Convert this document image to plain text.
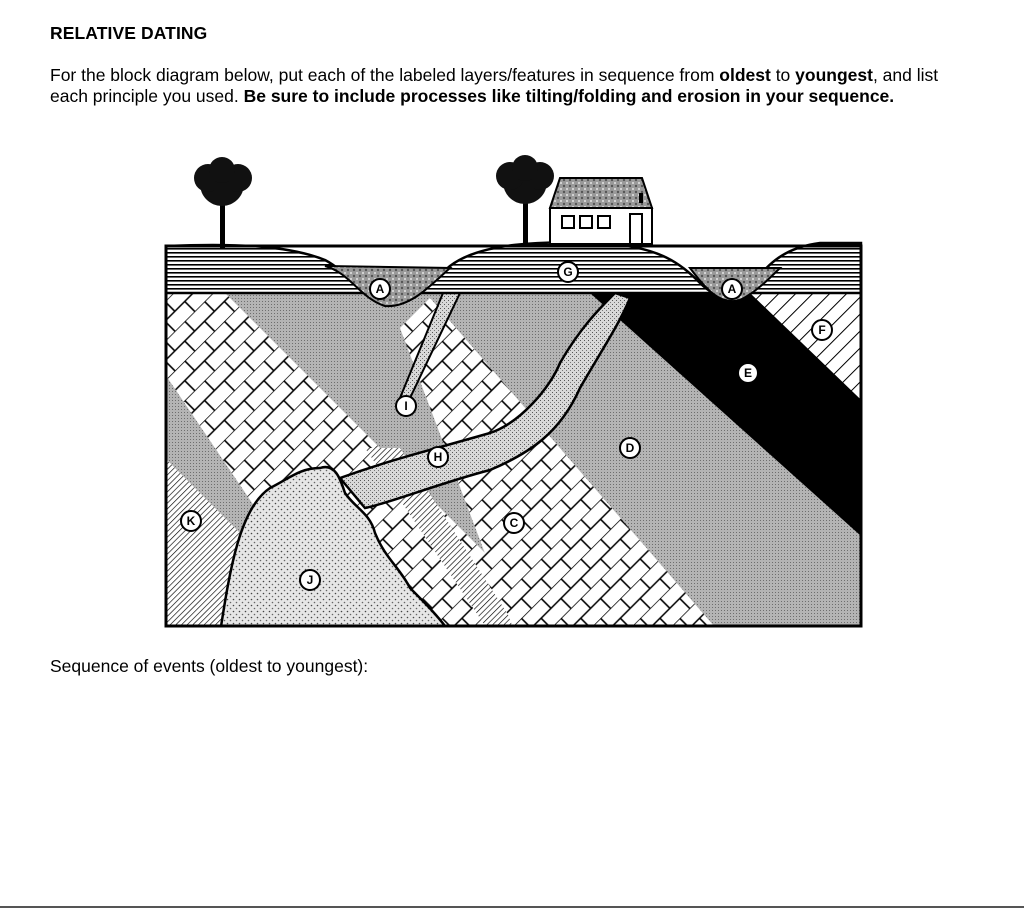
RELATIVE DATING
For the block diagram below, put each of the labeled layers/features in sequence from oldest to youngest, and list each principle you used. Be sure to include processes like tilting/folding and erosion in your sequence.
A
G
A
F
E
I
D
H
C
K
J
Sequence of events (oldest to youngest):
